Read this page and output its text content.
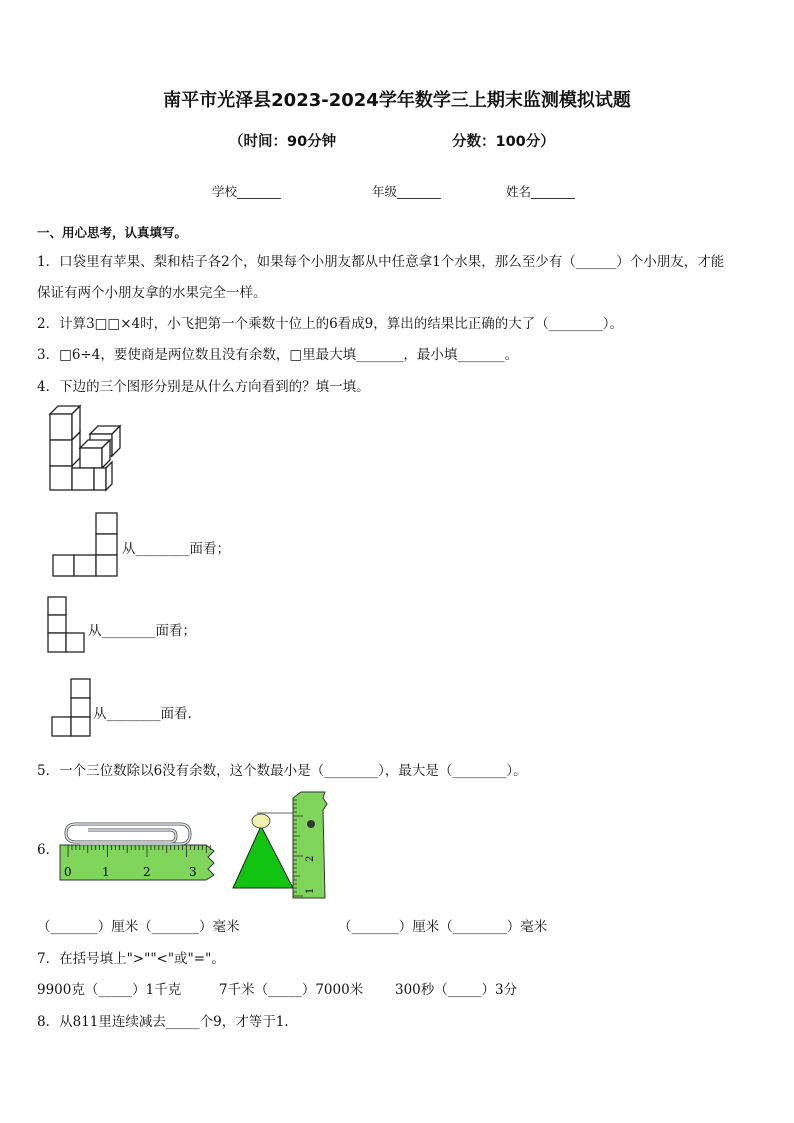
南平市光泽县2023-2024学年数学三上期末监测模拟试题
（时间：90分钟	分数：100分）
学校_______	年级_______	姓名_______
一、用心思考，认真填写。
1．口袋里有苹果、梨和桔子各2个，如果每个小朋友都从中任意拿1个水果，那么至少有（______）个小朋友，才能
保证有两个小朋友拿的水果完全一样。
2．计算3□□×4时，小飞把第一个乘数十位上的6看成9，算出的结果比正确的大了（________）。
3．□6÷4，要使商是两位数且没有余数，□里最大填_______，最小填_______。
4．下边的三个图形分别是从什么方向看到的？填一填。
从________面看；
从________面看；
从________面看.
5．一个三位数除以6没有余数，这个数最小是（________），最大是（________）。
6．
0	1	2	3
2
1
（_______）厘米（_______）毫米	（_______）厘米（________）毫米
7．在括号填上">""<"或"="。
9900克（_____）1千克	7千米（_____）7000米 300秒（_____）3分
8．从811里连续减去_____个9，才等于1.
